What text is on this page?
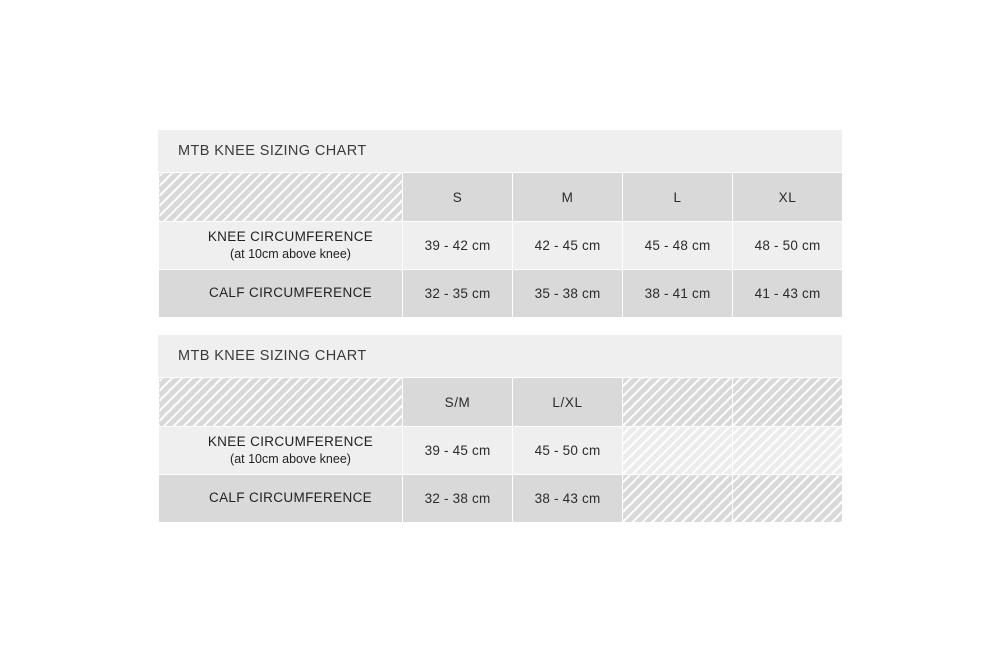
MTB KNEE SIZING CHART
	S	M	L	XL

KNEE CIRCUMFERENCE
(at 10cm above knee)	39 - 42 cm	42 - 45 cm	45 - 48 cm	48 - 50 cm

CALF CIRCUMFERENCE	32 - 35 cm	35 - 38 cm	38 - 41 cm	41 - 43 cm
MTB KNEE SIZING CHART
	S/M	L/XL		

KNEE CIRCUMFERENCE
(at 10cm above knee)	39 - 45 cm	45 - 50 cm		

CALF CIRCUMFERENCE	32 - 38 cm	38 - 43 cm		
